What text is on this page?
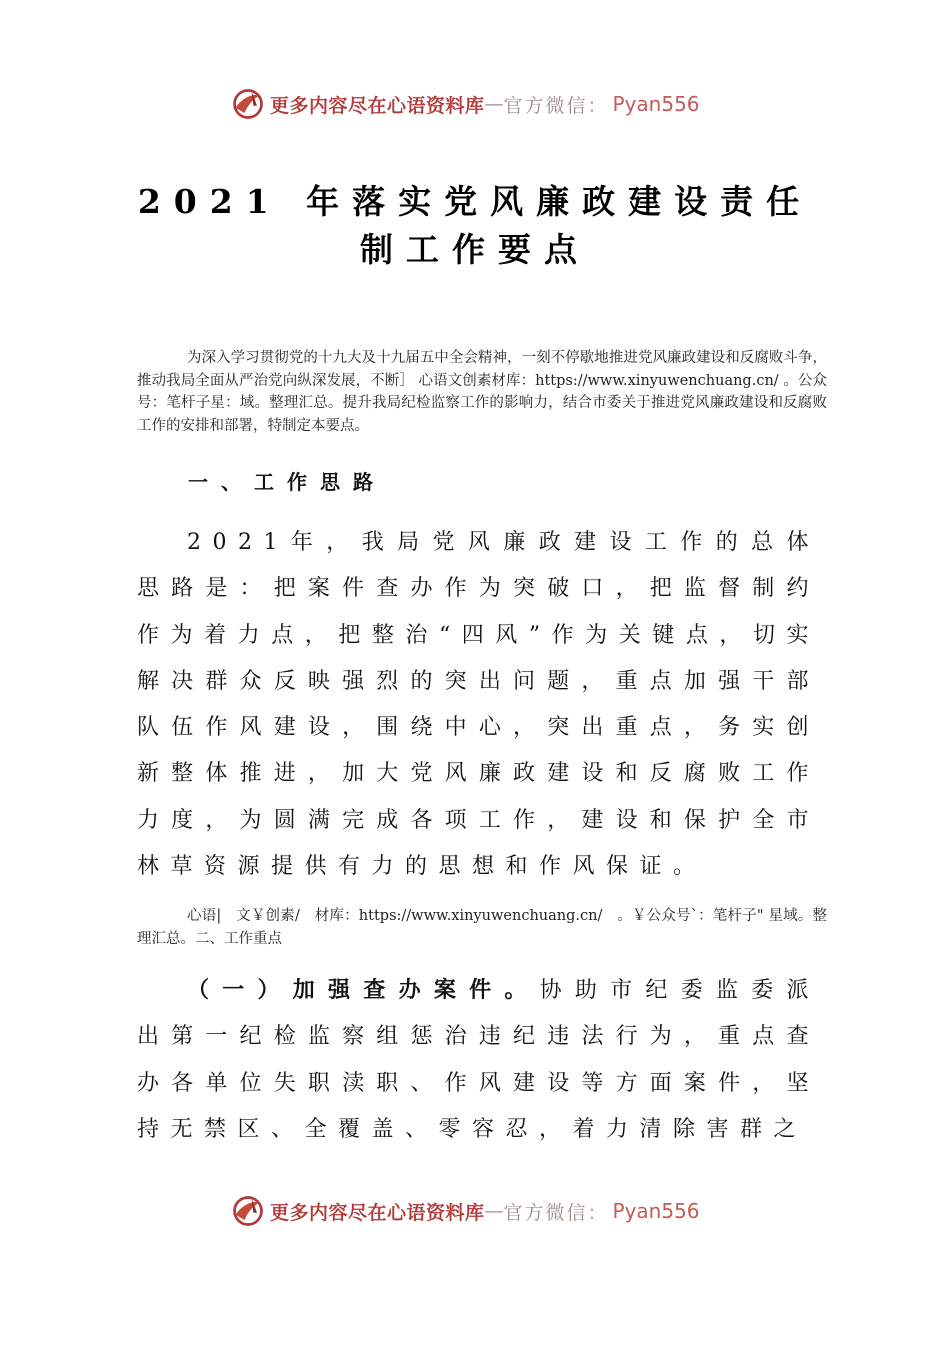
更多内容尽在心语资料库 — 官方微信： Pyan556
2021 年落实党风廉政建设责任
制工作要点

为深入学习贯彻党的十九大及十九届五中全会精神，一刻不停歇地推进党风廉政建设和反腐败斗争，推动我局全面从严治党向纵深发展，不断］ 心语文创素材库：https://www.xinyuwenchuang.cn/ 。公众号：笔杆子星：域。整理汇总。提升我局纪检监察工作的影响力，结合市委关于推进党风廉政建设和反腐败工作的安排和部署，特制定本要点。

一、工作思路

2021年，我局党风廉政建设工作的总体思路是：把案件查办作为突破口，把监督制约作为着力点，把整治“四风”作为关键点，切实解决群众反映强烈的突出问题，重点加强干部队伍作风建设，围绕中心，突出重点，务实创新整体推进，加大党风廉政建设和反腐败工作力度，为圆满完成各项工作，建设和保护全市林草资源提供有力的思想和作风保证。

心语|　文￥创素/　材库：https://www.xinyuwenchuang.cn/　。￥公众号`：笔杆子" 星域。整理汇总。二、工作重点

（一）加强查办案件。协助市纪委监委派出第一纪检监察组惩治违纪违法行为，重点查办各单位失职渎职、作风建设等方面案件，坚持无禁区、全覆盖、零容忍，着力清除害群之

更多内容尽在心语资料库 — 官方微信： Pyan556
